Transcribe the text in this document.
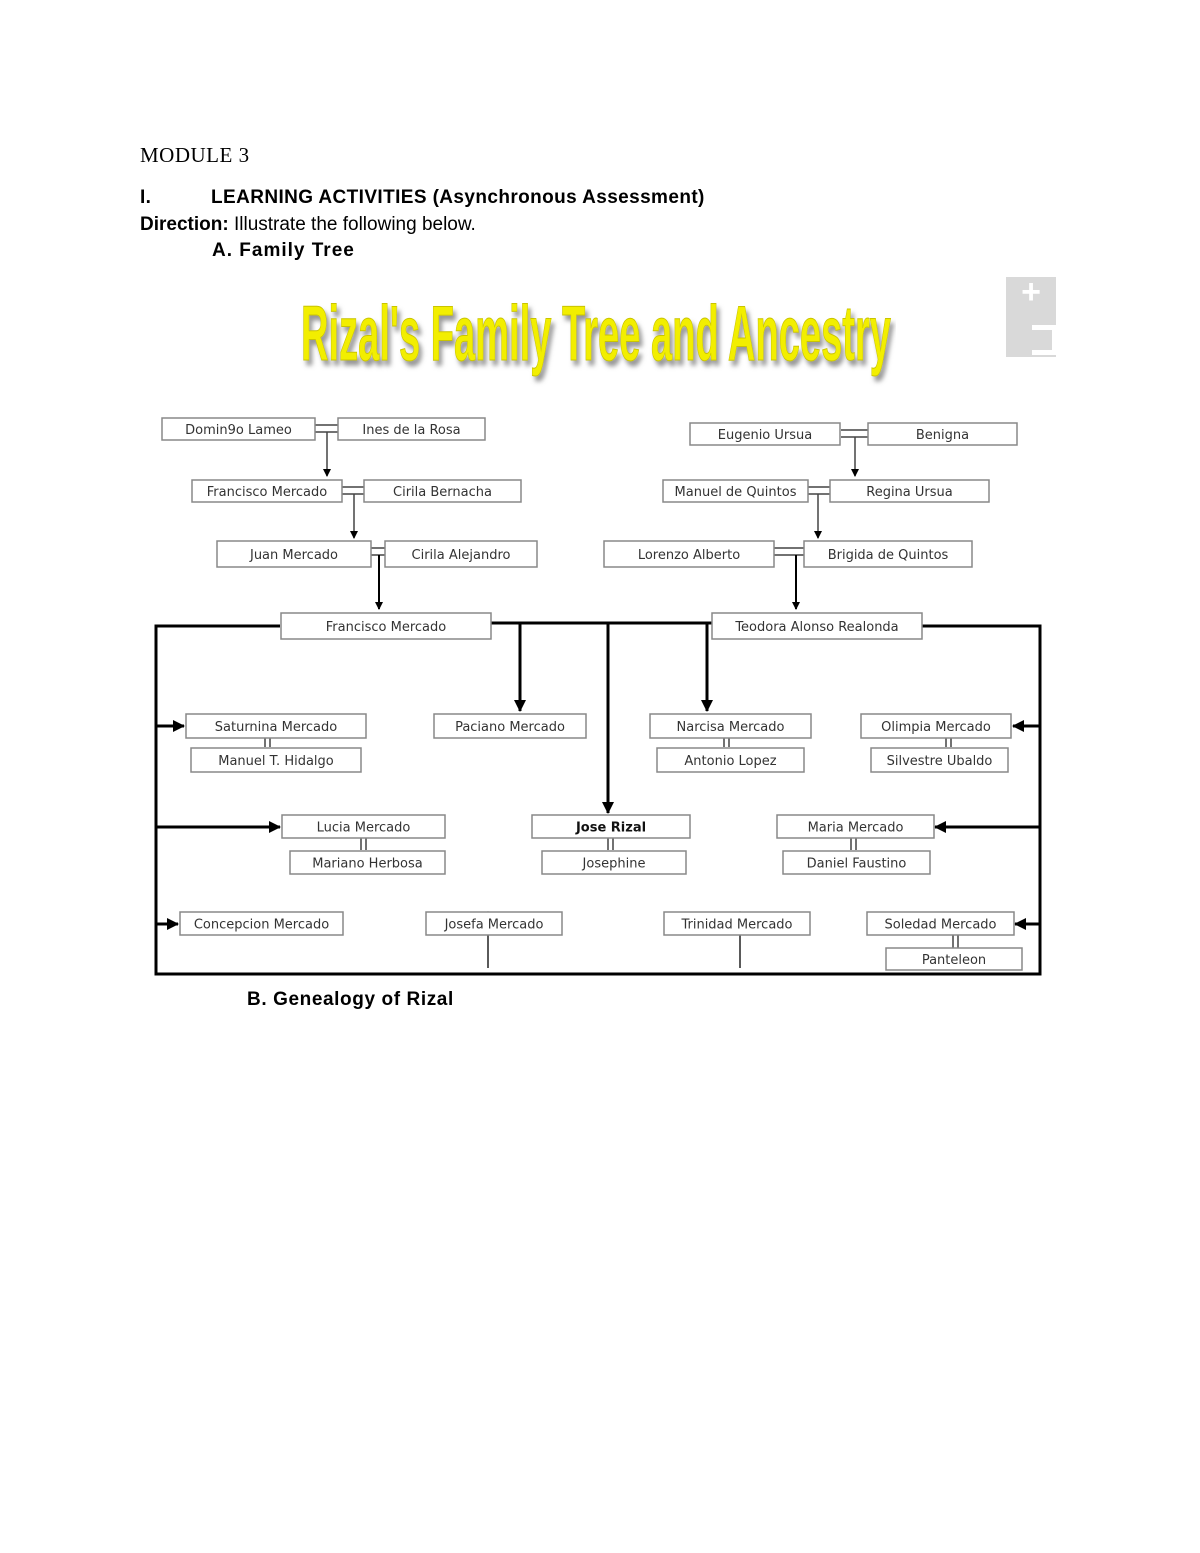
MODULE 3
I.	LEARNING ACTIVITIES (Asynchronous Assessment)
Direction: Illustrate the following below.
A. Family Tree
Rizal's Family Tree and Ancestry	+
Domin9o Lameo	Ines de la Rosa	Eugenio Ursua	Benigna
Francisco Mercado	Cirila Bernacha	Manuel de Quintos	Regina Ursua
Juan Mercado	Cirila Alejandro	Lorenzo Alberto	Brigida de Quintos
Francisco Mercado	Teodora Alonso Realonda
Saturnina Mercado
Manuel T. Hidalgo
Paciano Mercado	Narcisa Mercado
Antonio Lopez
Olimpia Mercado
Silvestre Ubaldo
Lucia Mercado
Mariano Herbosa
Jose Rizal
Josephine
Maria Mercado
Daniel Faustino
Concepcion Mercado	Josefa Mercado	Trinidad Mercado	Soledad Mercado
Panteleon
B. Genealogy of Rizal
